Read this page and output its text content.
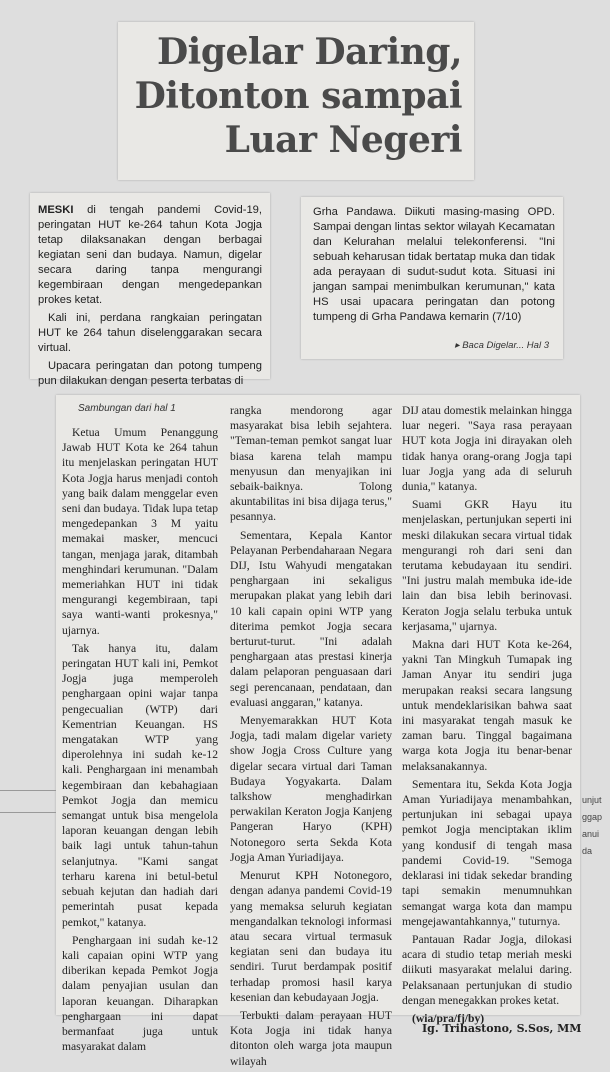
Digelar Daring,
Ditonton sampai
Luar Negeri

MESKI di tengah pandemi Covid-19, peringatan HUT ke-264 tahun Kota Jogja tetap dilaksanakan dengan berbagai kegiatan seni dan budaya. Namun, digelar secara daring tanpa mengurangi kegembiraan dengan mengedepankan prokes ketat.

Kali ini, perdana rangkaian peringatan HUT ke 264 tahun diselenggarakan secara virtual.

Upacara peringatan dan potong tumpeng pun dilakukan dengan peserta terbatas di

Grha Pandawa. Diikuti masing-masing OPD. Sampai dengan lintas sektor wilayah Kecamatan dan Kelurahan melalui telekonferensi. "Ini sebuah keharusan tidak bertatap muka dan tidak ada perayaan di sudut-sudut kota. Situasi ini jangan sampai menimbulkan kerumunan," kata HS usai upacara peringatan dan potong tumpeng di Grha Pandawa kemarin (7/10)

▸ Baca Digelar... Hal 3
Sambungan dari hal 1

Ketua Umum Penanggung Jawab HUT Kota ke 264 tahun itu menjelaskan peringatan HUT Kota Jogja harus menjadi contoh yang baik dalam menggelar even seni dan budaya. Tidak lupa tetap mengedepankan 3 M yaitu memakai masker, mencuci tangan, menjaga jarak, ditambah menghindari kerumunan. "Dalam memeriahkan HUT ini tidak mengurangi kegembiraan, tapi saya wanti-wanti prokesnya," ujarnya.

Tak hanya itu, dalam peringatan HUT kali ini, Pemkot Jogja juga memperoleh penghargaan opini wajar tanpa pengecualian (WTP) dari Kementrian Keuangan. HS mengatakan WTP yang diperolehnya ini sudah ke-12 kali. Penghargaan ini menambah kegembiraan dan kebahagiaan Pemkot Jogja dan memicu semangat untuk bisa mengelola laporan keuangan dengan lebih baik lagi untuk tahun-tahun selanjutnya. "Kami sangat terharu karena ini betul-betul sebuah kejutan dan hadiah dari pemerintah pusat kepada pemkot," katanya.

Penghargaan ini sudah ke-12 kali capaian opini WTP yang diberikan kepada Pemkot Jogja dalam penyajian usulan dan laporan keuangan. Diharapkan penghargaan ini dapat bermanfaat juga untuk masyarakat dalam

rangka mendorong agar masyarakat bisa lebih sejahtera. "Teman-teman pemkot sangat luar biasa karena telah mampu menyusun dan menyajikan ini sebaik-baiknya. Tolong akuntabilitas ini bisa dijaga terus," pesannya.

Sementara, Kepala Kantor Pelayanan Perbendaharaan Negara DIJ, Istu Wahyudi mengatakan penghargaan ini sekaligus merupakan plakat yang lebih dari 10 kali capain opini WTP yang diterima pemkot Jogja secara berturut-turut. "Ini adalah penghargaan atas prestasi kinerja dalam pelaporan penguasaan dari segi perencanaan, pendataan, dan evaluasi anggaran," katanya.

Menyemarakkan HUT Kota Jogja, tadi malam digelar variety show Jogja Cross Culture yang digelar secara virtual dari Taman Budaya Yogyakarta. Dalam talkshow menghadirkan perwakilan Keraton Jogja Kanjeng Pangeran Haryo (KPH) Notonegoro serta Sekda Kota Jogja Aman Yuriadijaya.

Menurut KPH Notonegoro, dengan adanya pandemi Covid-19 yang memaksa seluruh kegiatan mengandalkan teknologi informasi atau secara virtual termasuk kegiatan seni dan budaya itu sendiri. Turut berdampak positif terhadap promosi hasil karya kesenian dan kebudayaan Jogja.

Terbukti dalam perayaan HUT Kota Jogja ini tidak hanya ditonton oleh warga jota maupun wilayah

DIJ atau domestik melainkan hingga luar negeri. "Saya rasa perayaan HUT kota Jogja ini dirayakan oleh tidak hanya orang-orang Jogja tapi luar Jogja yang ada di seluruh dunia," katanya.

Suami GKR Hayu itu menjelaskan, pertunjukan seperti ini meski dilakukan secara virtual tidak mengurangi roh dari seni dan terutama kebudayaan itu sendiri. "Ini justru malah membuka ide-ide lain dan bisa lebih berinovasi. Keraton Jogja selalu terbuka untuk kerjasama," ujarnya.

Makna dari HUT Kota ke-264, yakni Tan Mingkuh Tumapak ing Jaman Anyar itu sendiri juga merupakan reaksi secara langsung untuk mendeklarisikan bahwa saat ini masyarakat tengah masuk ke zaman baru. Tinggal bagaimana warga kota Jogja itu benar-benar melaksanakannya.

Sementara itu, Sekda Kota Jogja Aman Yuriadijaya menambahkan, pertunjukan ini sebagai upaya pemkot Jogja menciptakan iklim yang kondusif di tengah masa pandemi Covid-19. "Semoga deklarasi ini tidak sekedar branding tapi semakin menumnuhkan semangat warga kota dan mampu mengejawantahkannya," tuturnya.

Pantauan Radar Jogja, dilokasi acara di studio tetap meriah meski diikuti masyarakat melalui daring. Pelaksanaan pertunjukan di studio dengan menegakkan prokes ketat.

(wia/pra/fj/by)

unjut
ggap
anui
da
Ig. Trihastono, S.Sos, MM
